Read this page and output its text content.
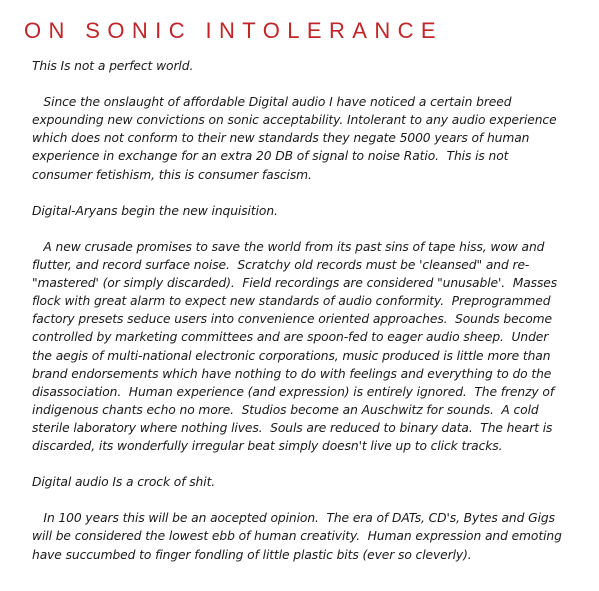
ON SONIC INTOLERANCE
This Is not a perfect world.
Since the onslaught of affordable Digital audio I have noticed a certain breed
expounding new convictions on sonic acceptability. Intolerant to any audio experience
which does not conform to their new standards they negate 5000 years of human
experience in exchange for an extra 20 DB of signal to noise Ratio.  This is not
consumer fetishism, this is consumer fascism.
Digital-Aryans begin the new inquisition.
A new crusade promises to save the world from its past sins of tape hiss, wow and
flutter, and record surface noise.  Scratchy old records must be 'cleansed" and re-
"mastered' (or simply discarded).  Field recordings are considered "unusable'.  Masses
flock with great alarm to expect new standards of audio conformity.  Preprogrammed
factory presets seduce users into convenience oriented approaches.  Sounds become
controlled by marketing committees and are spoon-fed to eager audio sheep.  Under
the aegis of multi-national electronic corporations, music produced is little more than
brand endorsements which have nothing to do with feelings and everything to do the
disassociation.  Human experience (and expression) is entirely ignored.  The frenzy of
indigenous chants echo no more.  Studios become an Auschwitz for sounds.  A cold
sterile laboratory where nothing lives.  Souls are reduced to binary data.  The heart is
discarded, its wonderfully irregular beat simply doesn't live up to click tracks.
Digital audio Is a crock of shit.
In 100 years this will be an aocepted opinion.  The era of DATs, CD's, Bytes and Gigs
will be considered the lowest ebb of human creativity.  Human expression and emoting
have succumbed to finger fondling of little plastic bits (ever so cleverly).
